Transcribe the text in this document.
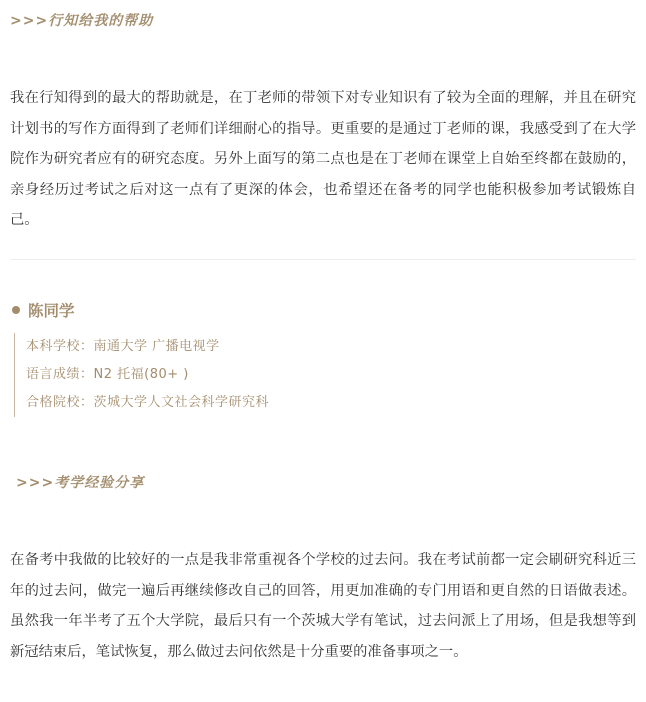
>>>行知给我的帮助

我在行知得到的最大的帮助就是，在丁老师的带领下对专业知识有了较为全面的理解，并且在研究计划书的写作方面得到了老师们详细耐心的指导。更重要的是通过丁老师的课，我感受到了在大学院作为研究者应有的研究态度。另外上面写的第二点也是在丁老师在课堂上自始至终都在鼓励的，亲身经历过考试之后对这一点有了更深的体会，也希望还在备考的同学也能积极参加考试锻炼自己。

陈同学
本科学校：南通大学 广播电视学
语言成绩：N2 托福(80+ )
合格院校：茨城大学人文社会科学研究科
>>>考学经验分享

在备考中我做的比较好的一点是我非常重视各个学校的过去问。我在考试前都一定会刷研究科近三年的过去问，做完一遍后再继续修改自己的回答，用更加准确的专门用语和更自然的日语做表述。虽然我一年半考了五个大学院，最后只有一个茨城大学有笔试，过去问派上了用场，但是我想等到新冠结束后，笔试恢复，那么做过去问依然是十分重要的准备事项之一。
